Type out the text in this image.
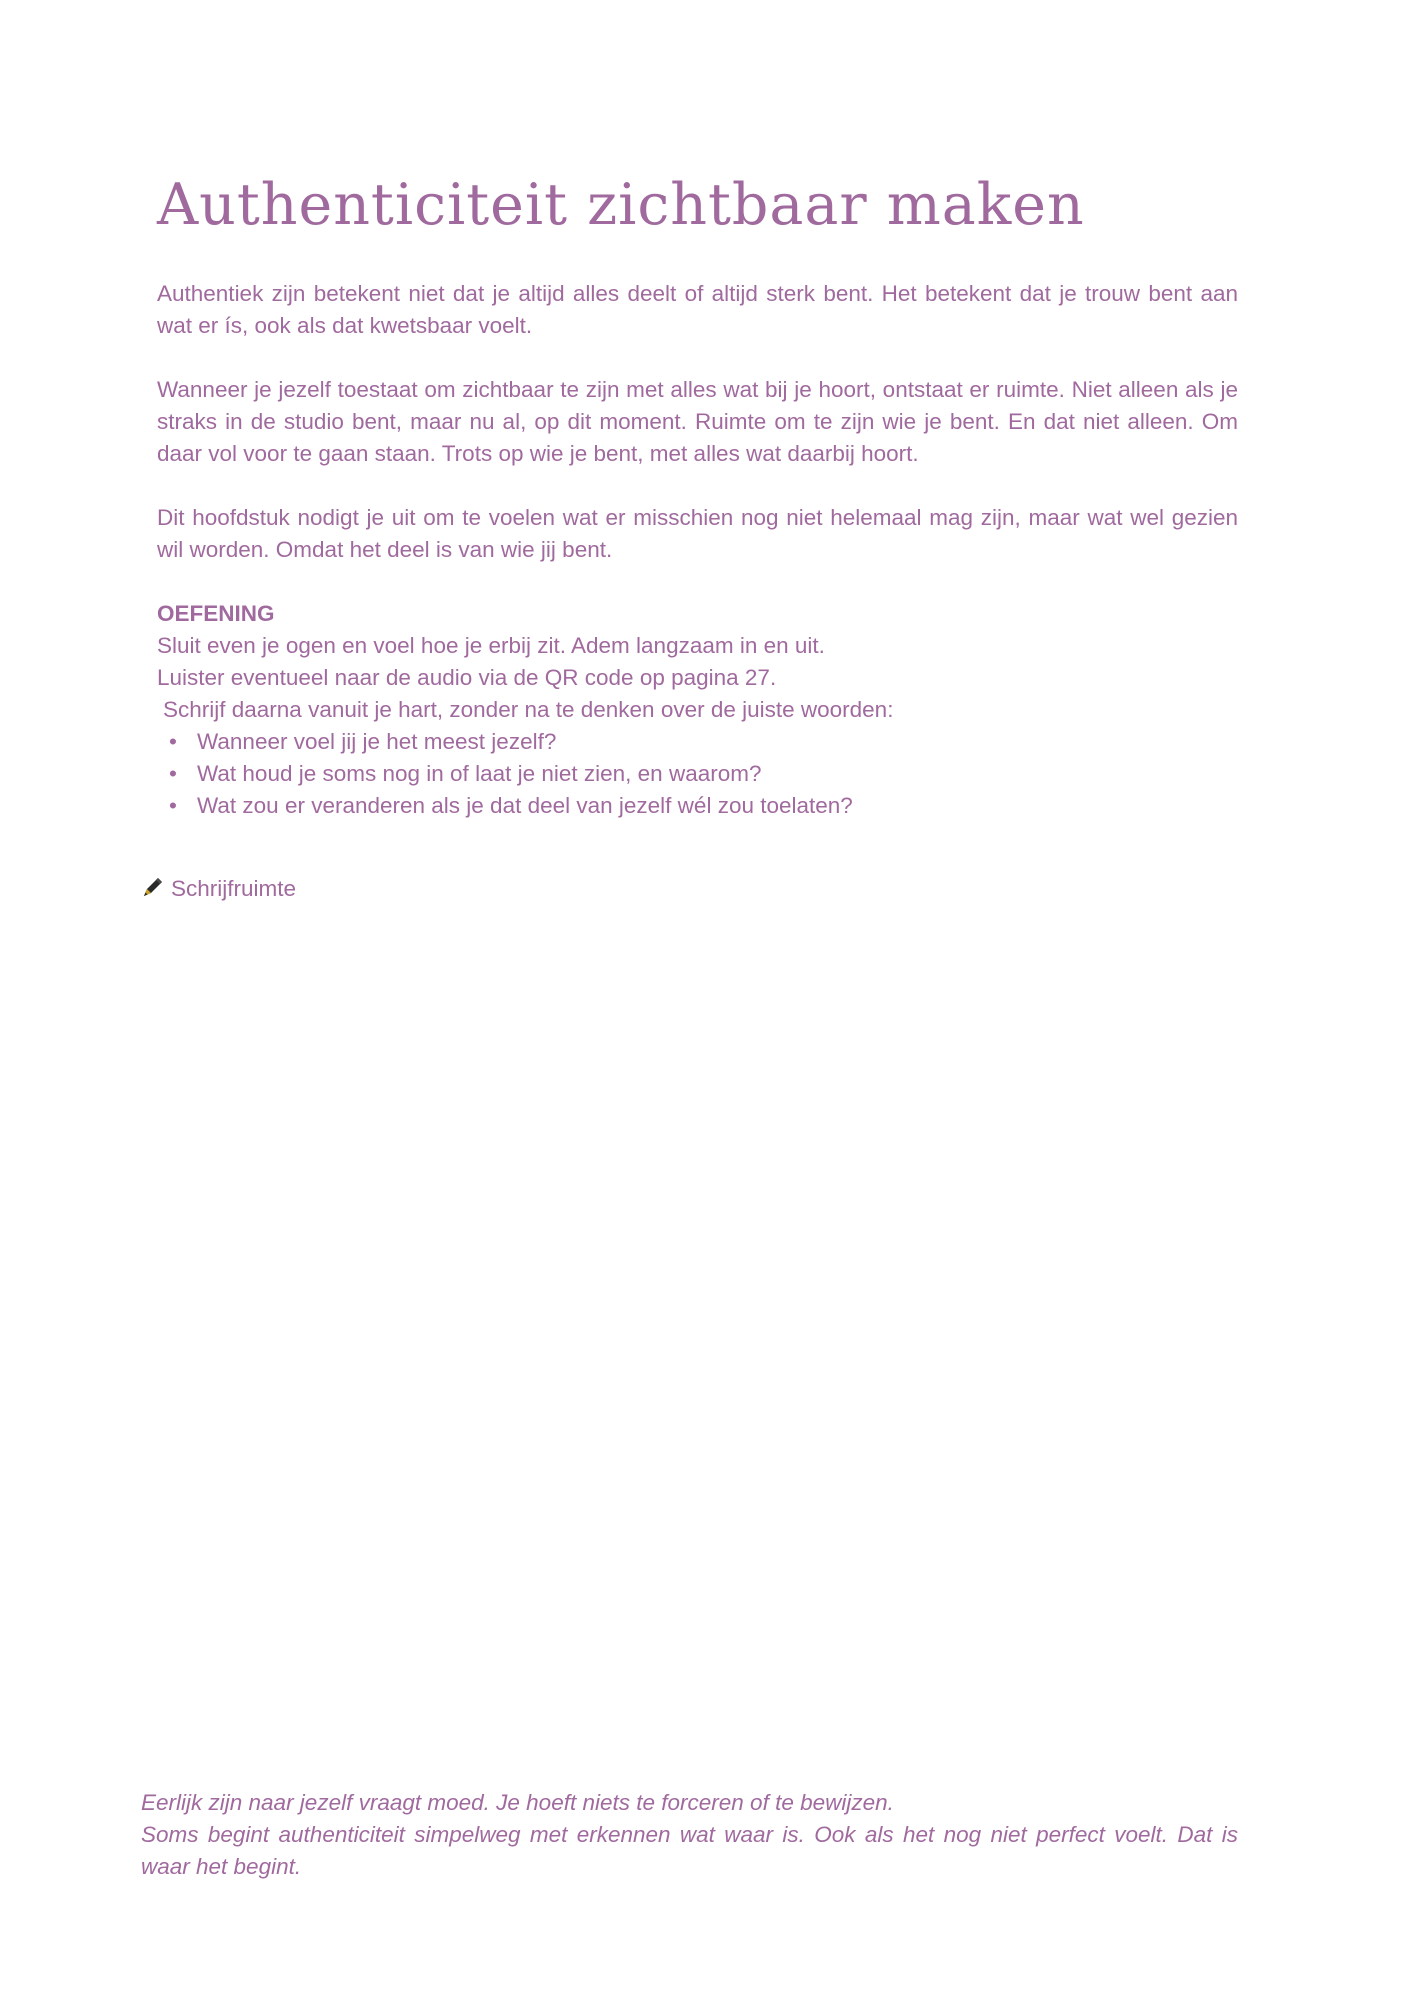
Authenticiteit zichtbaar maken

Authentiek zijn betekent niet dat je altijd alles deelt of altijd sterk bent. Het betekent dat je trouw bent aan wat er ís, ook als dat kwetsbaar voelt.

Wanneer je jezelf toestaat om zichtbaar te zijn met alles wat bij je hoort, ontstaat er ruimte. Niet alleen als je straks in de studio bent, maar nu al, op dit moment. Ruimte om te zijn wie je bent. En dat niet alleen. Om daar vol voor te gaan staan. Trots op wie je bent, met alles wat daarbij hoort.

Dit hoofdstuk nodigt je uit om te voelen wat er misschien nog niet helemaal mag zijn, maar wat wel gezien wil worden. Omdat het deel is van wie jij bent.

OEFENING
Sluit even je ogen en voel hoe je erbij zit. Adem langzaam in en uit.
Luister eventueel naar de audio via de QR code op pagina 27.
Schrijf daarna vanuit je hart, zonder na te denken over de juiste woorden:
• Wanneer voel jij je het meest jezelf?
• Wat houd je soms nog in of laat je niet zien, en waarom?
• Wat zou er veranderen als je dat deel van jezelf wél zou toelaten?
Schrijfruimte

Eerlijk zijn naar jezelf vraagt moed. Je hoeft niets te forceren of te bewijzen.

Soms begint authenticiteit simpelweg met erkennen wat waar is. Ook als het nog niet perfect voelt. Dat is waar het begint.
